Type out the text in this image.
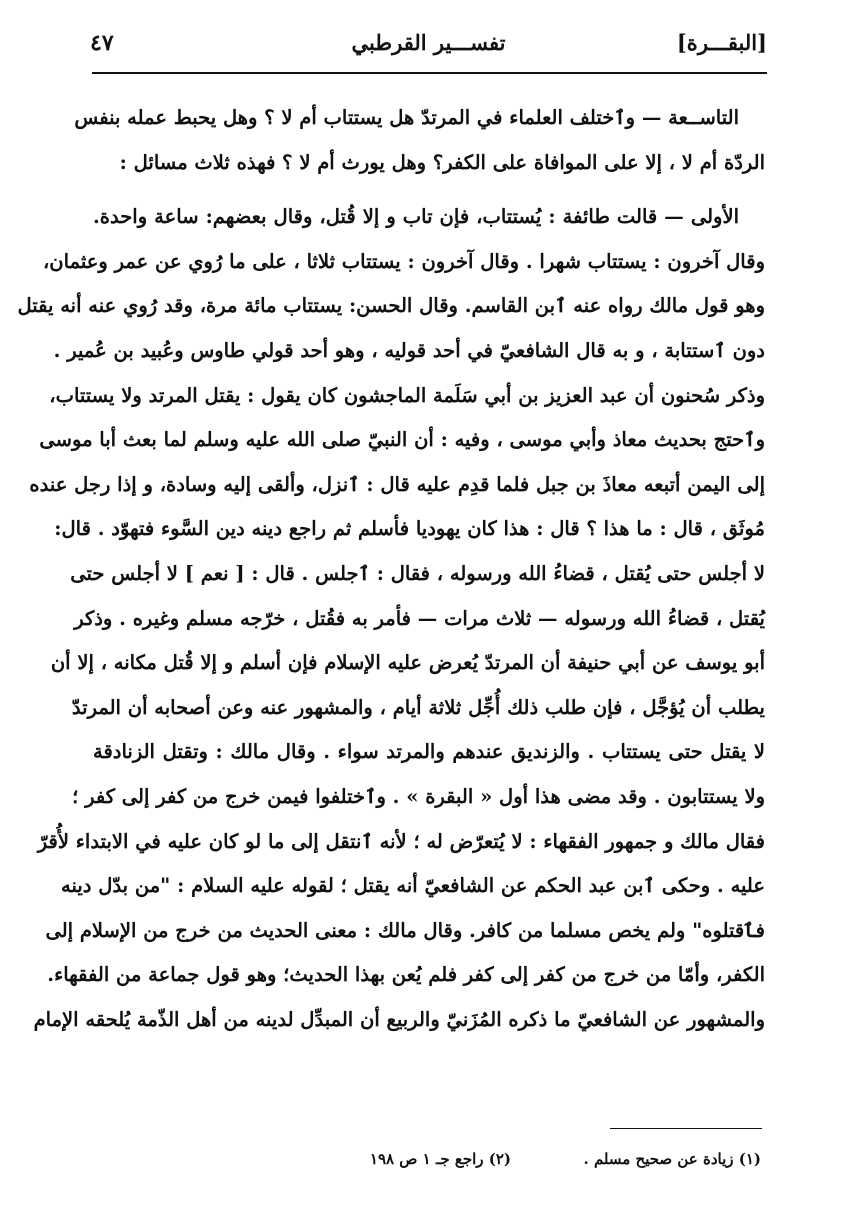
[البقـــرة]
تفســـير القرطبي
٤٧
التاســعة — وٱختلف العلماء في المرتدّ هل يستتاب أم لا ؟ وهل يحبط عمله بنفس
الردّة أم لا ، إلا على الموافاة على الكفر؟ وهل يورث أم لا ؟ فهذه ثلاث مسائل :
الأولى — قالت طائفة : يُستتاب، فإن تاب و إلا قُتل، وقال بعضهم: ساعة واحدة.
وقال آخرون : يستتاب شهرا . وقال آخرون : يستتاب ثلاثا ، على ما رُوي عن عمر وعثمان،
وهو قول مالك رواه عنه ٱبن القاسم. وقال الحسن: يستتاب مائة مرة، وقد رُوي عنه أنه يقتل
دون ٱستتابة ، و به قال الشافعيّ في أحد قوليه ، وهو أحد قولي طاوس وعُبيد بن عُمير .
وذكر سُحنون أن عبد العزيز بن أبي سَلَمة الماجشون كان يقول : يقتل المرتد ولا يستتاب،
وٱحتج بحديث معاذ وأبي موسى ، وفيه : أن النبيّ صلى الله عليه وسلم لما بعث أبا موسى
إلى اليمن أتبعه معاذَ بن جبل فلما قدِم عليه قال : ٱنزل، وألقى إليه وسادة، و إذا رجل عنده
مُوثَق ، قال : ما هذا ؟ قال : هذا كان يهوديا فأسلم ثم راجع دينه دين السَّوء فتهوّد . قال:
لا أجلس حتى يُقتل ، قضاءُ الله ورسوله ، فقال : ٱجلس . قال : [ نعم ] لا أجلس حتى
يُقتل ، قضاءُ الله ورسوله — ثلاث مرات — فأمر به فقُتل ، خرّجه مسلم وغيره . وذكر
أبو يوسف عن أبي حنيفة أن المرتدّ يُعرض عليه الإسلام فإن أسلم و إلا قُتل مكانه ، إلا أن
يطلب أن يُؤجَّل ، فإن طلب ذلك أُجِّل ثلاثة أيام ، والمشهور عنه وعن أصحابه أن المرتدّ
لا يقتل حتى يستتاب . والزنديق عندهم والمرتد سواء . وقال مالك : وتقتل الزنادقة
ولا يستتابون . وقد مضى هذا أول « البقرة » . وٱختلفوا فيمن خرج من كفر إلى كفر ؛
فقال مالك و جمهور الفقهاء : لا يُتعرّض له ؛ لأنه ٱنتقل إلى ما لو كان عليه في الابتداء لأُقرّ
عليه . وحكى ٱبن عبد الحكم عن الشافعيّ أنه يقتل ؛ لقوله عليه السلام : "من بدّل دينه
فٱقتلوه" ولم يخص مسلما من كافر. وقال مالك : معنى الحديث من خرج من الإسلام إلى
الكفر، وأمّا من خرج من كفر إلى كفر فلم يُعن بهذا الحديث؛ وهو قول جماعة من الفقهاء.
والمشهور عن الشافعيّ ما ذكره المُزَنيّ والربيع أن المبدِّل لدينه من أهل الذّمة يُلحقه الإمام
(١) زيادة عن صحيح مسلم .
(٢) راجع جـ ١ ص ١٩٨
